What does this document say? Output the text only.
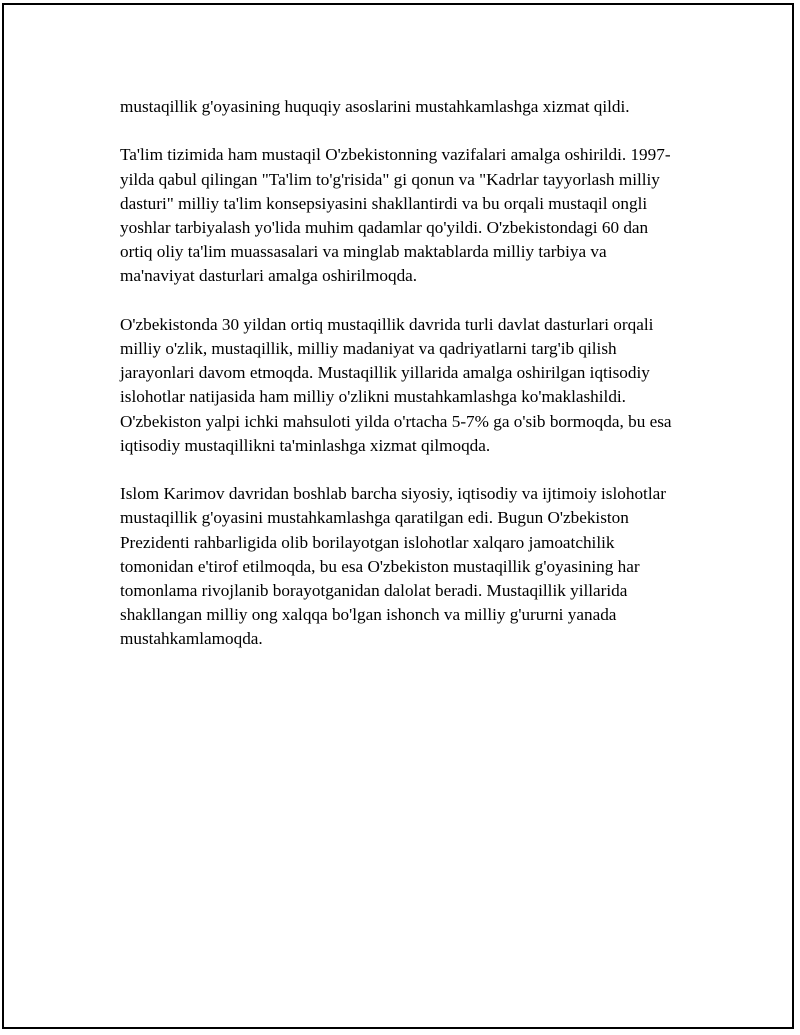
mustaqillik g'oyasining huquqiy asoslarini mustahkamlashga xizmat qildi.

Ta'lim tizimida ham mustaqil O'zbekistonning vazifalari amalga oshirildi. 1997-yilda qabul qilingan "Ta'lim to'g'risida" gi qonun va "Kadrlar tayyorlash milliy dasturi" milliy ta'lim konsepsiyasini shakllantirdi va bu orqali mustaqil ongli yoshlar tarbiyalash yo'lida muhim qadamlar qo'yildi. O'zbekistondagi 60 dan ortiq oliy ta'lim muassasalari va minglab maktablarda milliy tarbiya va ma'naviyat dasturlari amalga oshirilmoqda.

O'zbekistonda 30 yildan ortiq mustaqillik davrida turli davlat dasturlari orqali milliy o'zlik, mustaqillik, milliy madaniyat va qadriyatlarni targ'ib qilish jarayonlari davom etmoqda. Mustaqillik yillarida amalga oshirilgan iqtisodiy islohotlar natijasida ham milliy o'zlikni mustahkamlashga ko'maklashildi. O'zbekiston yalpi ichki mahsuloti yilda o'rtacha 5-7% ga o'sib bormoqda, bu esa iqtisodiy mustaqillikni ta'minlashga xizmat qilmoqda.

Islom Karimov davridan boshlab barcha siyosiy, iqtisodiy va ijtimoiy islohotlar mustaqillik g'oyasini mustahkamlashga qaratilgan edi. Bugun O'zbekiston Prezidenti rahbarligida olib borilayotgan islohotlar xalqaro jamoatchilik tomonidan e'tirof etilmoqda, bu esa O'zbekiston mustaqillik g'oyasining har tomonlama rivojlanib borayotganidan dalolat beradi. Mustaqillik yillarida shakllangan milliy ong xalqqa bo'lgan ishonch va milliy g'ururni yanada mustahkamlamoqda.
